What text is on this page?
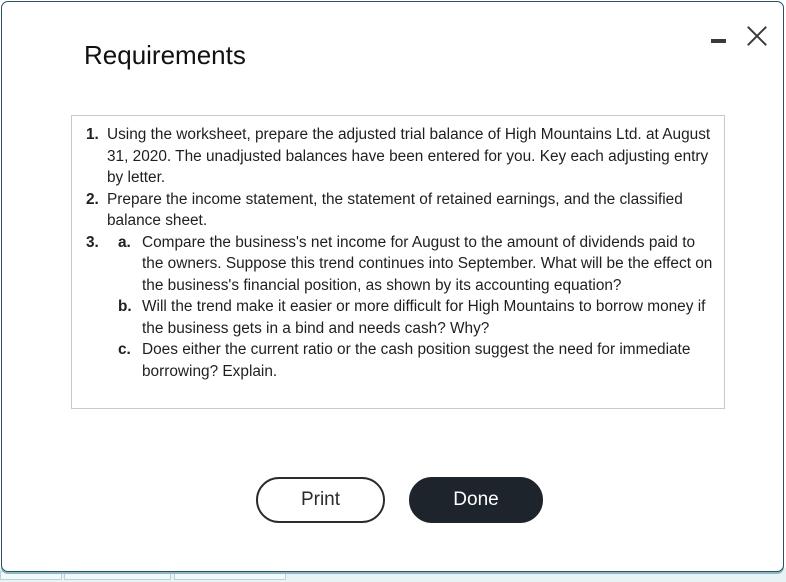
Requirements
1. Using the worksheet, prepare the adjusted trial balance of High Mountains Ltd. at August 31, 2020. The unadjusted balances have been entered for you. Key each adjusting entry by letter.
2. Prepare the income statement, the statement of retained earnings, and the classified balance sheet.
3.	a. Compare the business's net income for August to the amount of dividends paid to the owners. Suppose this trend continues into September. What will be the effect on the business's financial position, as shown by its accounting equation?
b. Will the trend make it easier or more difficult for High Mountains to borrow money if the business gets in a bind and needs cash? Why?
c. Does either the current ratio or the cash position suggest the need for immediate borrowing? Explain.
Print	Done
